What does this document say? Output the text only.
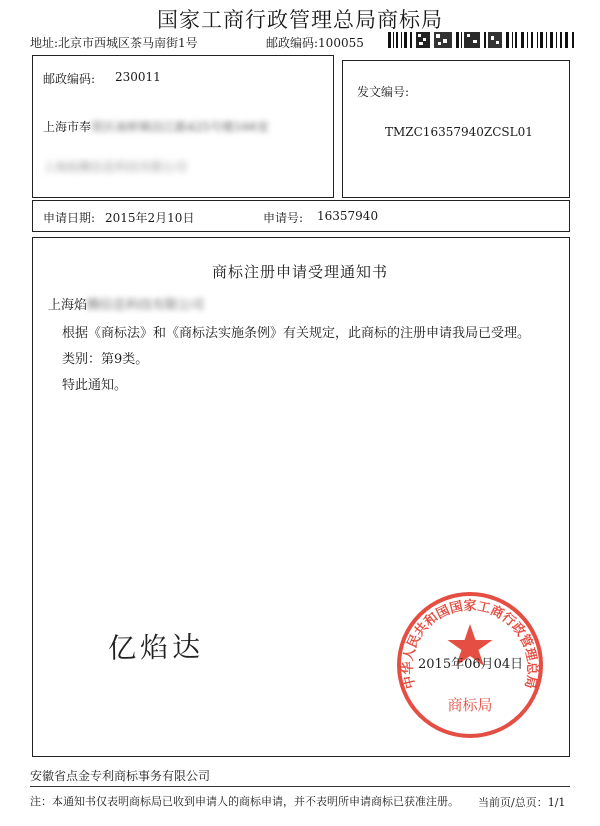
国家工商行政管理总局商标局
地址:北京市西城区茶马南街1号	邮政编码:100055
邮政编码: 230011
上海市奉贤区南桥镇沿江路425号楼166室
上海焰腾信息科技有限公司
发文编号:
TMZC16357940ZCSL01
申请日期: 2015年2月10日	申请号: 16357940
商标注册申请受理通知书
上海焰腾信息科技有限公司
根据《商标法》和《商标法实施条例》有关规定，此商标的注册申请我局已受理。
类别：第9类。
特此通知。
亿焰达
中华人民共和国国家工商行政管理总局
商标局
2015年06月04日
安徽省点金专利商标事务有限公司
注：本通知书仅表明商标局已收到申请人的商标申请，并不表明所申请商标已获准注册。 当前页/总页：1/1
